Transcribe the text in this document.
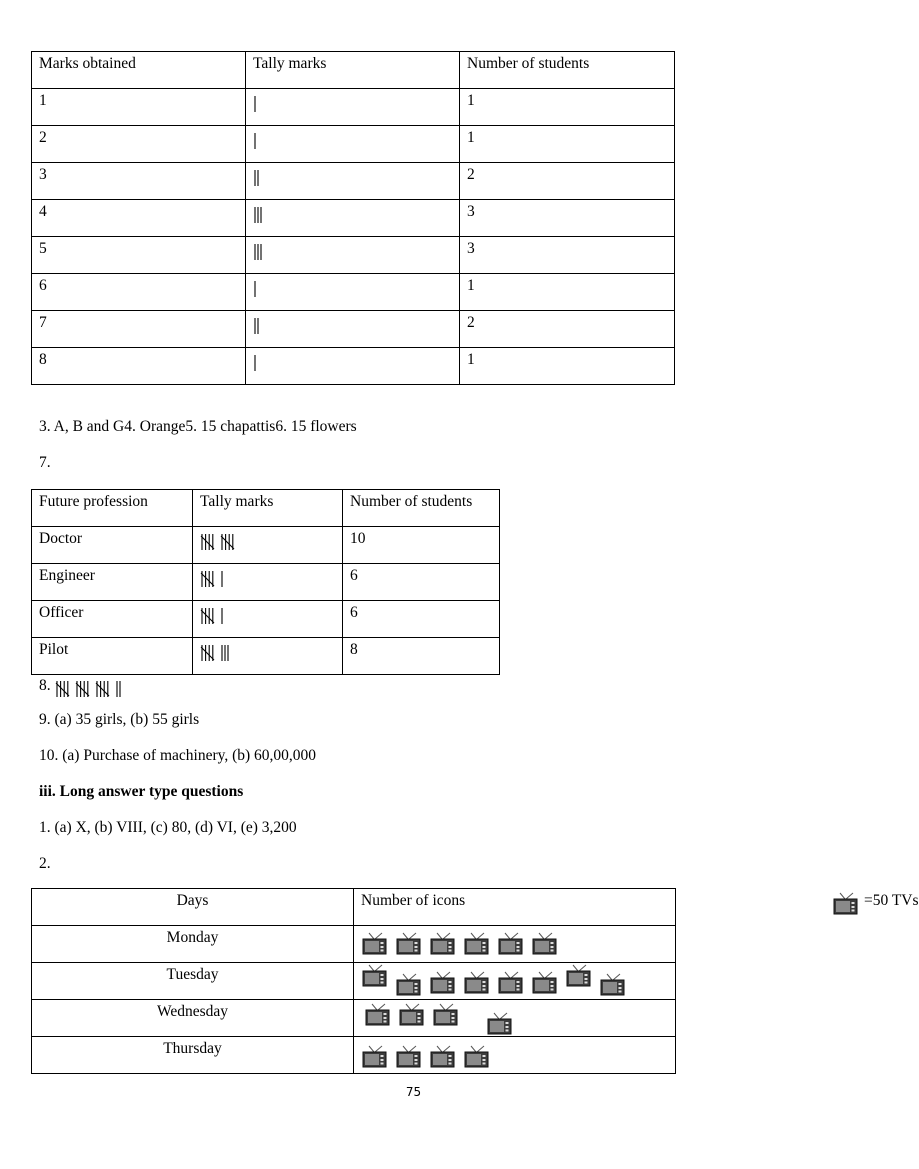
Marks obtained	Tally marks	Number of students
1		1
2		1
3		2
4		3
5		3
6		1
7		2
8		1
3. A, B and G4. Orange5. 15 chapattis6. 15 flowers
7.
Future profession	Tally marks	Number of students
Doctor		10
Engineer		6
Officer		6
Pilot		8
8.
9. (a) 35 girls, (b) 55 girls
10. (a) Purchase of machinery, (b) 60,00,000
iii. Long answer type questions
1. (a) X, (b) VIII, (c) 80, (d) VI, (e) 3,200
2.
Days	Number of icons =50 TVs

Monday	

Tuesday	

Wednesday	

Thursday	
75
